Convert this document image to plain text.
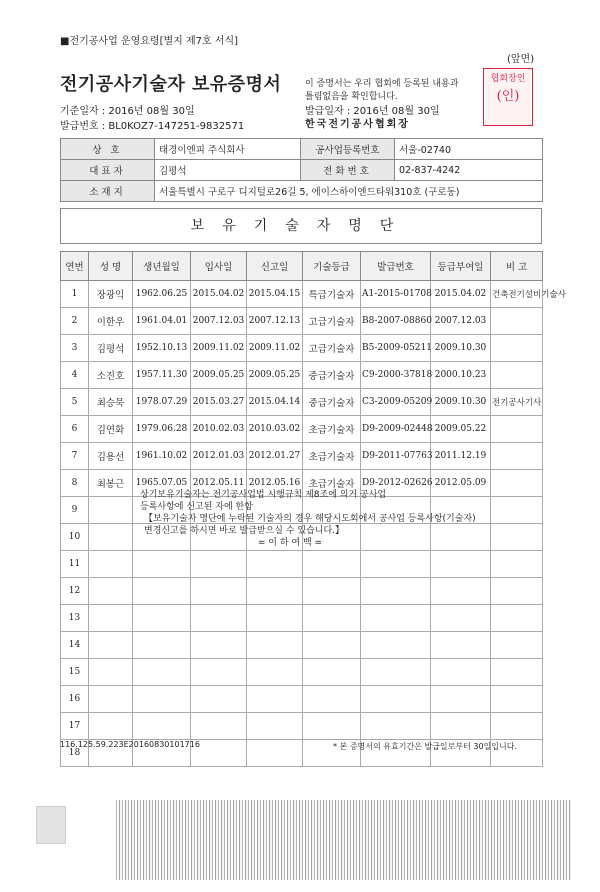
■전기공사업 운영요령[별지 제7호 서식]
(앞면)
전기공사기술자 보유증명서	이 증명서는 우리 협회에 등록된 내용과
틀림없음을 확인합니다.
협회장인
(인)
기준일자 : 2016년 08월 30일
발급번호 : BL0KOZ7-147251-9832571
발급일자 : 2016년 08월 30일
한국전기공사협회장
상 호	태경이엔피 주식회사	공사업등록번호	서울-02740
대표자	김평석	전화번호	02-837-4242
소재지	서울특별시 구로구 디지털로26길 5, 에이스하이엔드타워310호 (구로동)		
보유기술자명단
연번	성 명	생년월일	입사일	신고일	기술등급	발급번호	등급부여일	비 고
1	장광익	1962.06.25	2015.04.02	2015.04.15	특급기술자	A1-2015-01708	2015.04.02	건축전기설비기술사
2	이한우	1961.04.01	2007.12.03	2007.12.13	고급기술자	B8-2007-08860	2007.12.03	
3	김평석	1952.10.13	2009.11.02	2009.11.02	고급기술자	B5-2009-05211	2009.10.30	
4	소진호	1957.11.30	2009.05.25	2009.05.25	중급기술자	C9-2000-37818	2000.10.23	
5	최승묵	1978.07.29	2015.03.27	2015.04.14	중급기술자	C3-2009-05209	2009.10.30	전기공사기사
6	김연화	1979.06.28	2010.02.03	2010.03.02	초급기술자	D9-2009-02448	2009.05.22	
7	김용선	1961.10.02	2012.01.03	2012.01.27	초급기술자	D9-2011-07763	2011.12.19	
8	최봉근	1965.07.05	2012.05.11	2012.05.16	초급기술자	D9-2012-02626	2012.05.09	
9								
10								
11								
12								
13								
14								
15								
16								
17								
18								
상기보유기술자는 전기공사업법 시행규칙 제8조에 의거 공사업
등록사항에 신고된 자에 한함
【보유기술자 명단에 누락된 기술자의 경우 해당시도회에서 공사업 등록사항(기술자)
변경신고를 하시면 바로 발급받으실 수 있습니다.】
= 이 하 여 백 =
116.125.59.223E20160830101716	* 본 증명서의 유효기간은 발급일로부터 30일입니다.
